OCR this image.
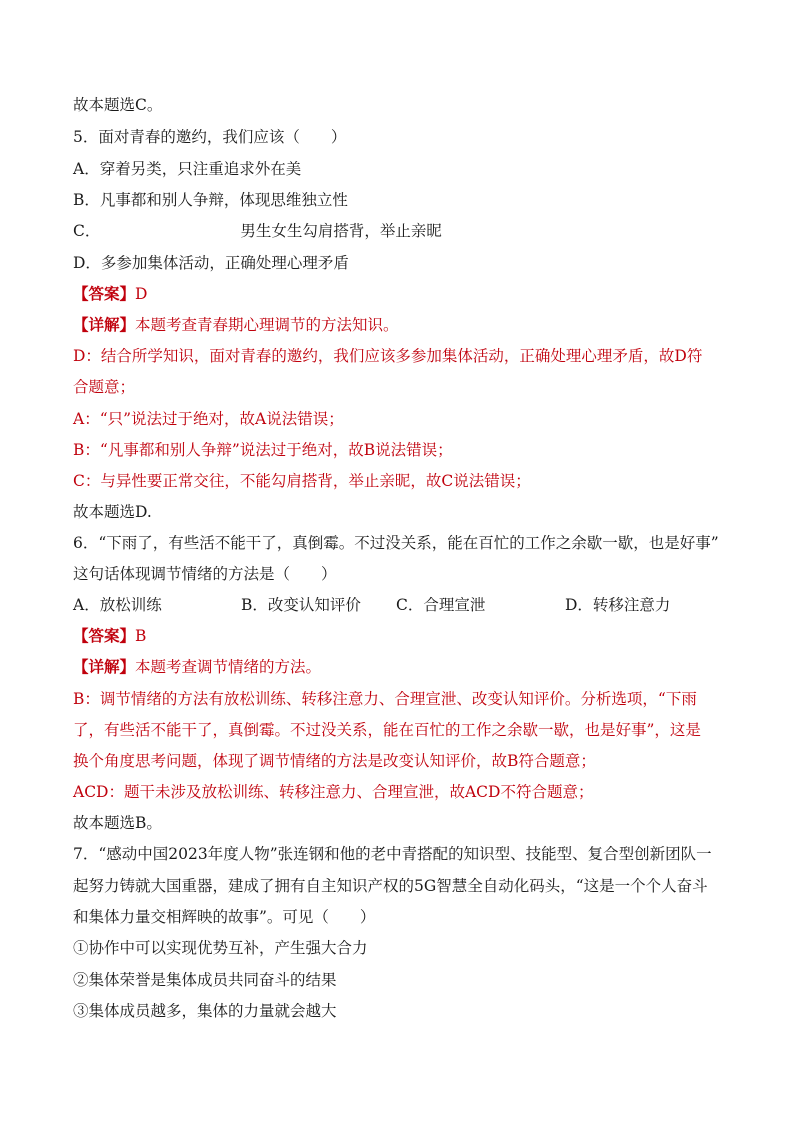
故本题选C。
5．面对青春的邀约，我们应该（　　）
A．穿着另类，只注重追求外在美
B．凡事都和别人争辩，体现思维独立性
C．	男生女生勾肩搭背，举止亲昵
D．多参加集体活动，正确处理心理矛盾
【答案】D
【详解】本题考查青春期心理调节的方法知识。
D：结合所学知识，面对青春的邀约，我们应该多参加集体活动，正确处理心理矛盾，故D符
合题意；
A：“只”说法过于绝对，故A说法错误；
B：“凡事都和别人争辩”说法过于绝对，故B说法错误；
C：与异性要正常交往，不能勾肩搭背，举止亲昵，故C说法错误；
故本题选D.
6．“下雨了，有些活不能干了，真倒霉。不过没关系，能在百忙的工作之余歇一歇，也是好事”
这句话体现调节情绪的方法是（　　）
A．放松训练	B．改变认知评价 C．合理宣泄	D．转移注意力
【答案】B
【详解】本题考查调节情绪的方法。
B：调节情绪的方法有放松训练、转移注意力、合理宣泄、改变认知评价。分析选项，“下雨
了，有些活不能干了，真倒霉。不过没关系，能在百忙的工作之余歇一歇，也是好事”，这是
换个角度思考问题，体现了调节情绪的方法是改变认知评价，故B符合题意；
ACD：题干未涉及放松训练、转移注意力、合理宣泄，故ACD不符合题意；
故本题选B。
7．“感动中国2023年度人物”张连钢和他的老中青搭配的知识型、技能型、复合型创新团队一
起努力铸就大国重器，建成了拥有自主知识产权的5G智慧全自动化码头，“这是一个个人奋斗
和集体力量交相辉映的故事”。可见（　　）
①协作中可以实现优势互补，产生强大合力
②集体荣誉是集体成员共同奋斗的结果
③集体成员越多，集体的力量就会越大
